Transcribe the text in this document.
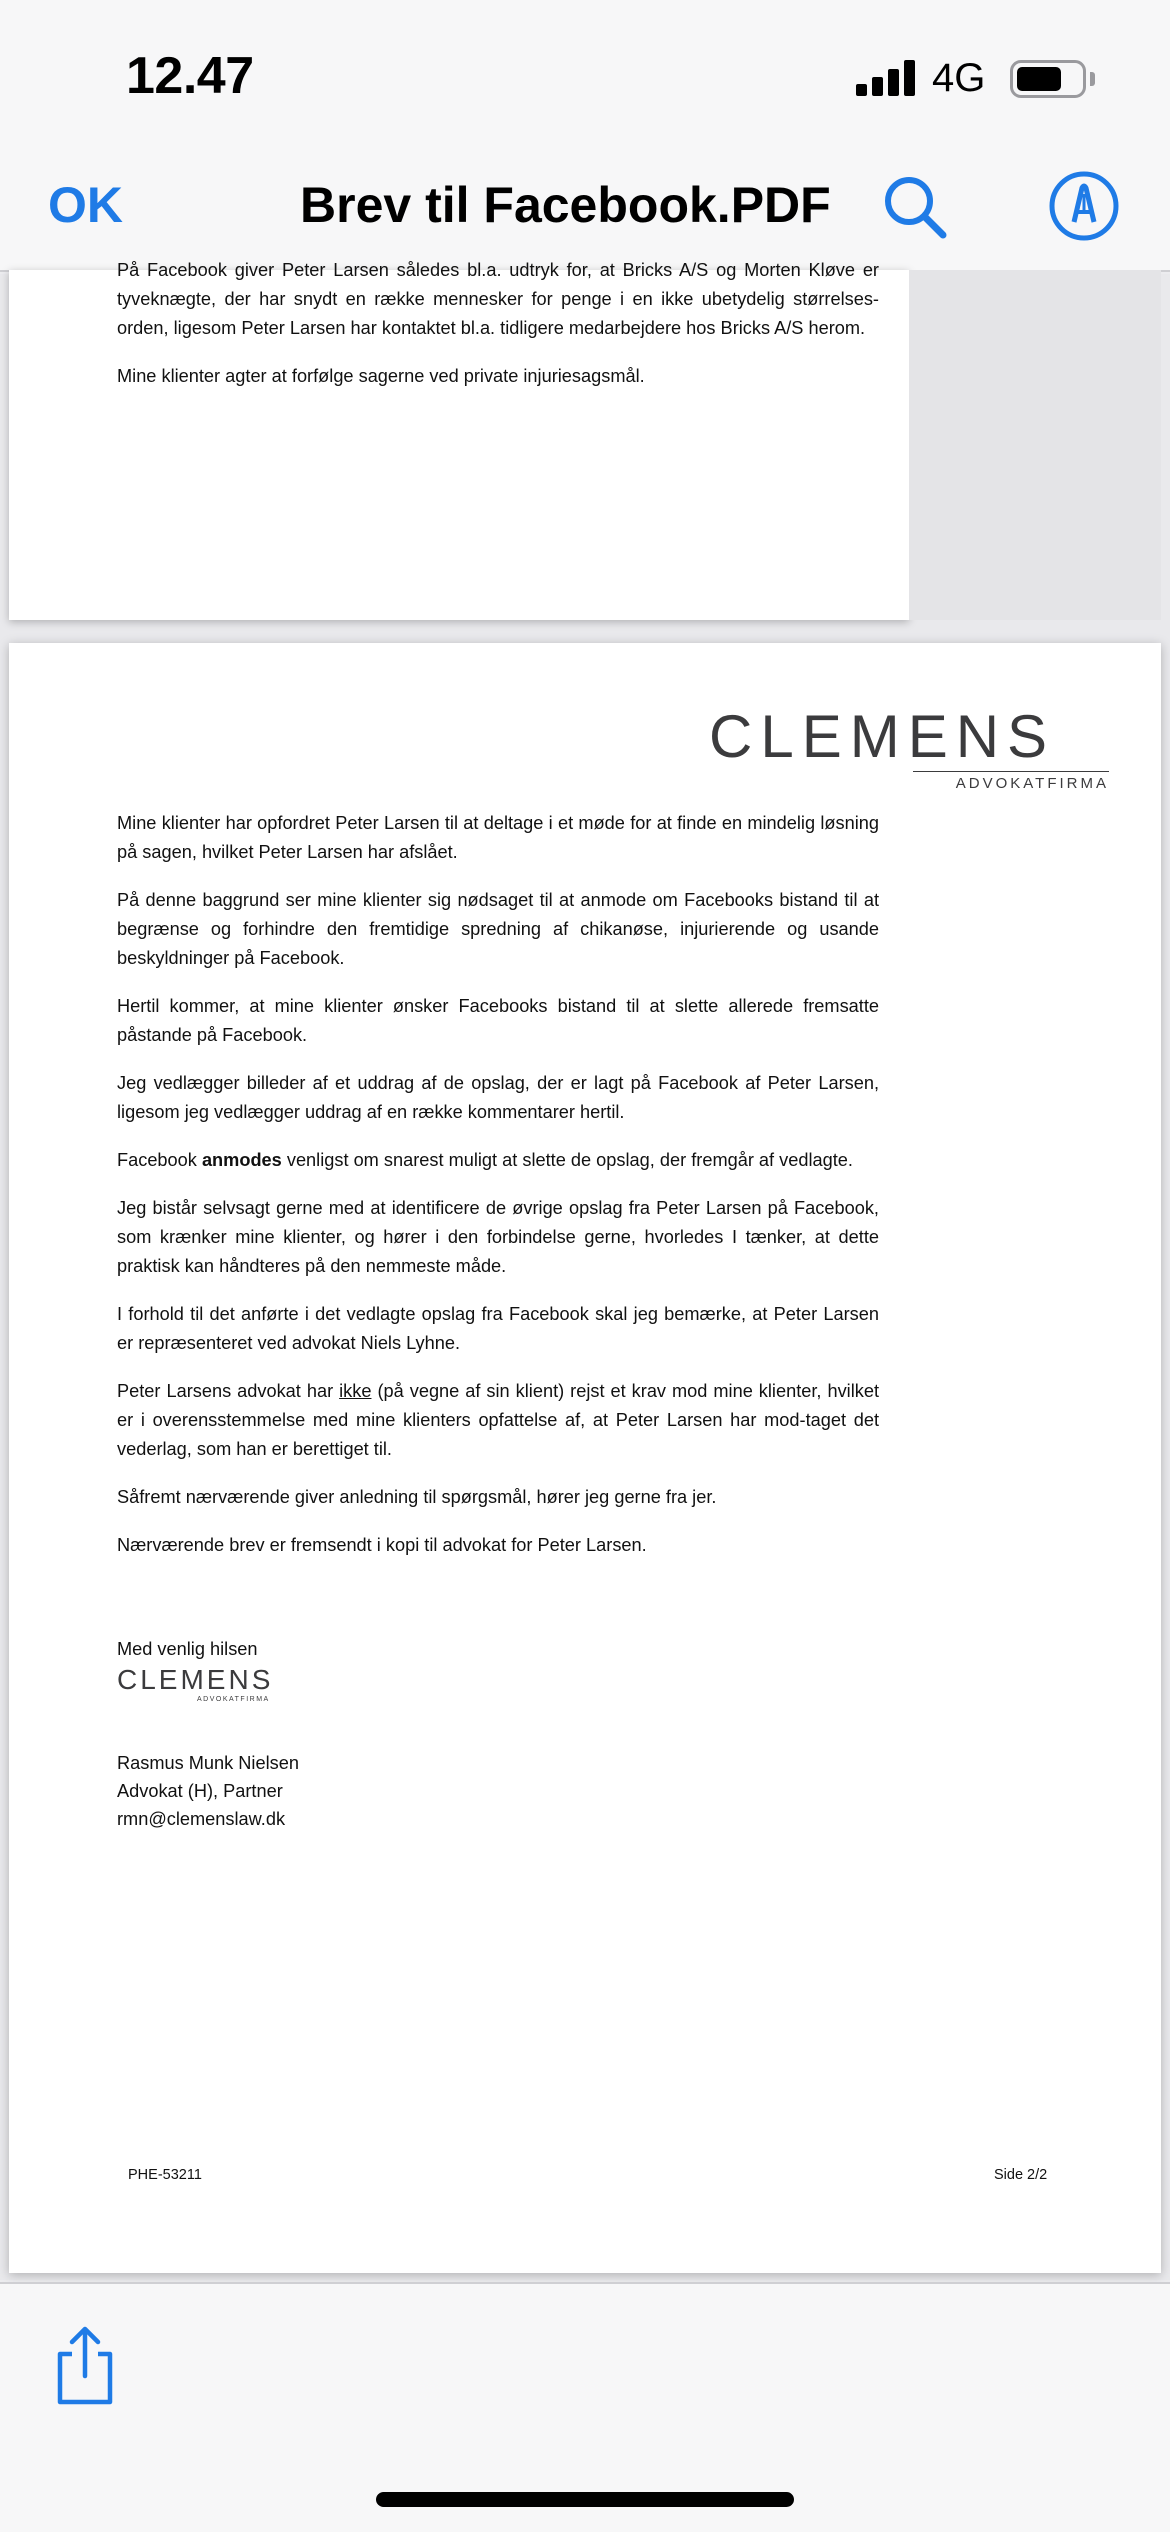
12.47	4G
OK	Brev til Facebook.PDF

På Facebook giver Peter Larsen således bl.a. udtryk for, at Bricks A/S og Morten Kløve er tyveknægte, der har snydt en række mennesker for penge i en ikke ubetydelig størrelses-orden, ligesom Peter Larsen har kontaktet bl.a. tidligere medarbejdere hos Bricks A/S herom.

Mine klienter agter at forfølge sagerne ved private injuriesagsmål.

CLEMENS
ADVOKATFIRMA

Mine klienter har opfordret Peter Larsen til at deltage i et møde for at finde en mindelig løsning på sagen, hvilket Peter Larsen har afslået.

På denne baggrund ser mine klienter sig nødsaget til at anmode om Facebooks bistand til at begrænse og forhindre den fremtidige spredning af chikanøse, injurierende og usande beskyldninger på Facebook.

Hertil kommer, at mine klienter ønsker Facebooks bistand til at slette allerede fremsatte påstande på Facebook.

Jeg vedlægger billeder af et uddrag af de opslag, der er lagt på Facebook af Peter Larsen, ligesom jeg vedlægger uddrag af en række kommentarer hertil.

Facebook anmodes venligst om snarest muligt at slette de opslag, der fremgår af vedlagte.

Jeg bistår selvsagt gerne med at identificere de øvrige opslag fra Peter Larsen på Facebook, som krænker mine klienter, og hører i den forbindelse gerne, hvorledes I tænker, at dette praktisk kan håndteres på den nemmeste måde.

I forhold til det anførte i det vedlagte opslag fra Facebook skal jeg bemærke, at Peter Larsen er repræsenteret ved advokat Niels Lyhne.

Peter Larsens advokat har ikke (på vegne af sin klient) rejst et krav mod mine klienter, hvilket er i overensstemmelse med mine klienters opfattelse af, at Peter Larsen har mod-taget det vederlag, som han er berettiget til.

Såfremt nærværende giver anledning til spørgsmål, hører jeg gerne fra jer.

Nærværende brev er fremsendt i kopi til advokat for Peter Larsen.

Med venlig hilsen
CLEMENS
ADVOKATFIRMA
Rasmus Munk Nielsen
Advokat (H), Partner
rmn@clemenslaw.dk
PHE-53211	Side 2/2
